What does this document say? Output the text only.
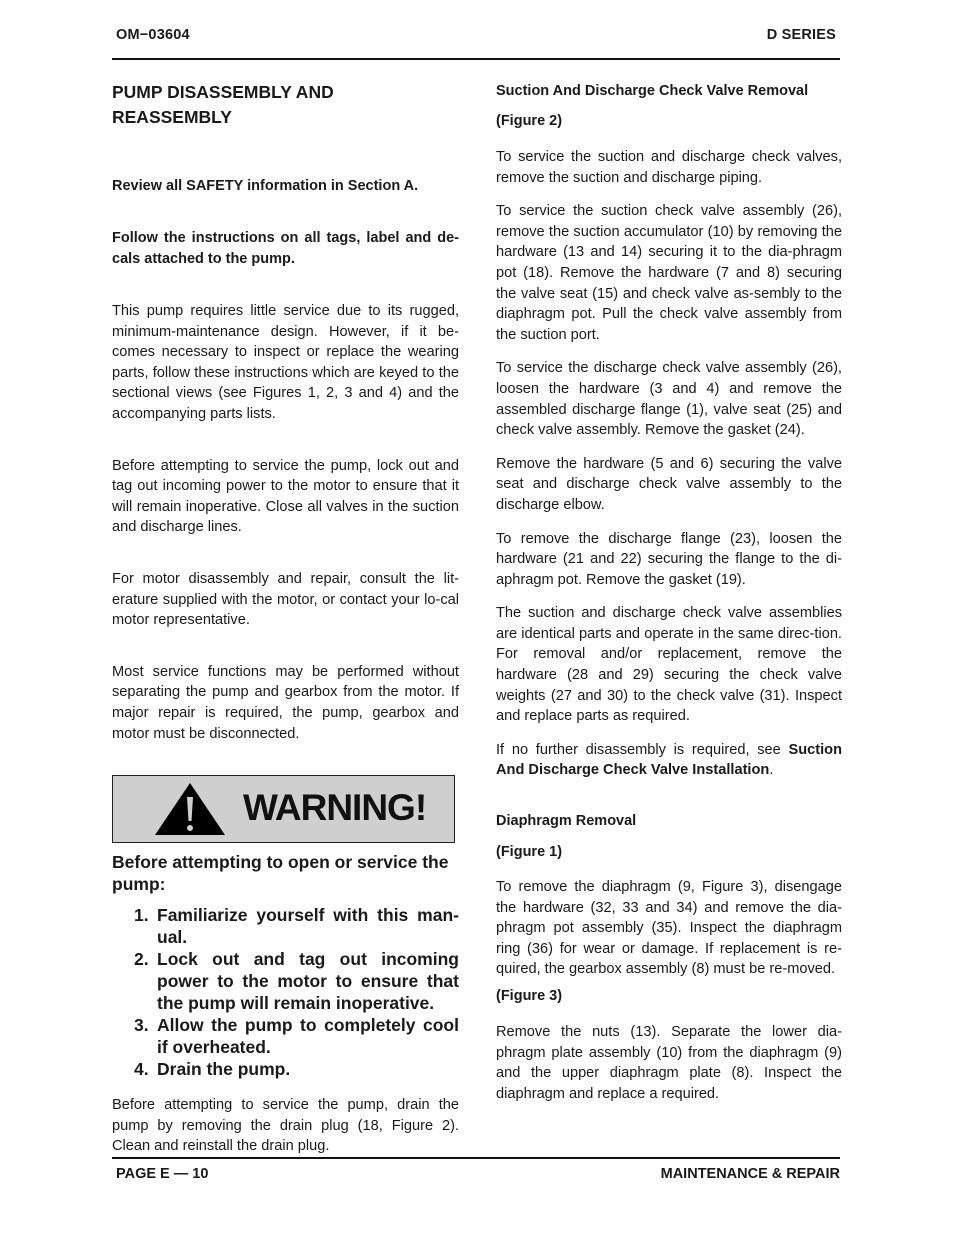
OM−03604	D SERIES
PUMP DISASSEMBLY AND REASSEMBLY

Review all SAFETY information in Section A.

Follow the instructions on all tags, label and de-cals attached to the pump.

This pump requires little service due to its rugged, minimum-maintenance design. However, if it be-comes necessary to inspect or replace the wearing parts, follow these instructions which are keyed to the sectional views (see Figures 1, 2, 3 and 4) and the accompanying parts lists.

Before attempting to service the pump, lock out and tag out incoming power to the motor to ensure that it will remain inoperative. Close all valves in the suction and discharge lines.

For motor disassembly and repair, consult the lit-erature supplied with the motor, or contact your lo-cal motor representative.

Most service functions may be performed without separating the pump and gearbox from the motor. If major repair is required, the pump, gearbox and motor must be disconnected.

WARNING!

Before attempting to open or service the pump:

1. Familiarize yourself with this man-ual.
2. Lock out and tag out incoming power to the motor to ensure that the pump will remain inoperative.
3. Allow the pump to completely cool if overheated.
4. Drain the pump.

Before attempting to service the pump, drain the pump by removing the drain plug (18, Figure 2). Clean and reinstall the drain plug.

Suction And Discharge Check Valve Removal

(Figure 2)

To service the suction and discharge check valves, remove the suction and discharge piping.

To service the suction check valve assembly (26), remove the suction accumulator (10) by removing the hardware (13 and 14) securing it to the dia-phragm pot (18). Remove the hardware (7 and 8) securing the valve seat (15) and check valve as-sembly to the diaphragm pot. Pull the check valve assembly from the suction port.

To service the discharge check valve assembly (26), loosen the hardware (3 and 4) and remove the assembled discharge flange (1), valve seat (25) and check valve assembly. Remove the gasket (24).

Remove the hardware (5 and 6) securing the valve seat and discharge check valve assembly to the discharge elbow.

To remove the discharge flange (23), loosen the hardware (21 and 22) securing the flange to the di-aphragm pot. Remove the gasket (19).

The suction and discharge check valve assemblies are identical parts and operate in the same direc-tion. For removal and/or replacement, remove the hardware (28 and 29) securing the check valve weights (27 and 30) to the check valve (31). Inspect and replace parts as required.

If no further disassembly is required, see Suction And Discharge Check Valve Installation.

Diaphragm Removal

(Figure 1)

To remove the diaphragm (9, Figure 3), disengage the hardware (32, 33 and 34) and remove the dia-phragm pot assembly (35). Inspect the diaphragm ring (36) for wear or damage. If replacement is re-quired, the gearbox assembly (8) must be re-moved.

(Figure 3)

Remove the nuts (13). Separate the lower dia-phragm plate assembly (10) from the diaphragm (9) and the upper diaphragm plate (8). Inspect the diaphragm and replace a required.

PAGE E — 10	MAINTENANCE & REPAIR
